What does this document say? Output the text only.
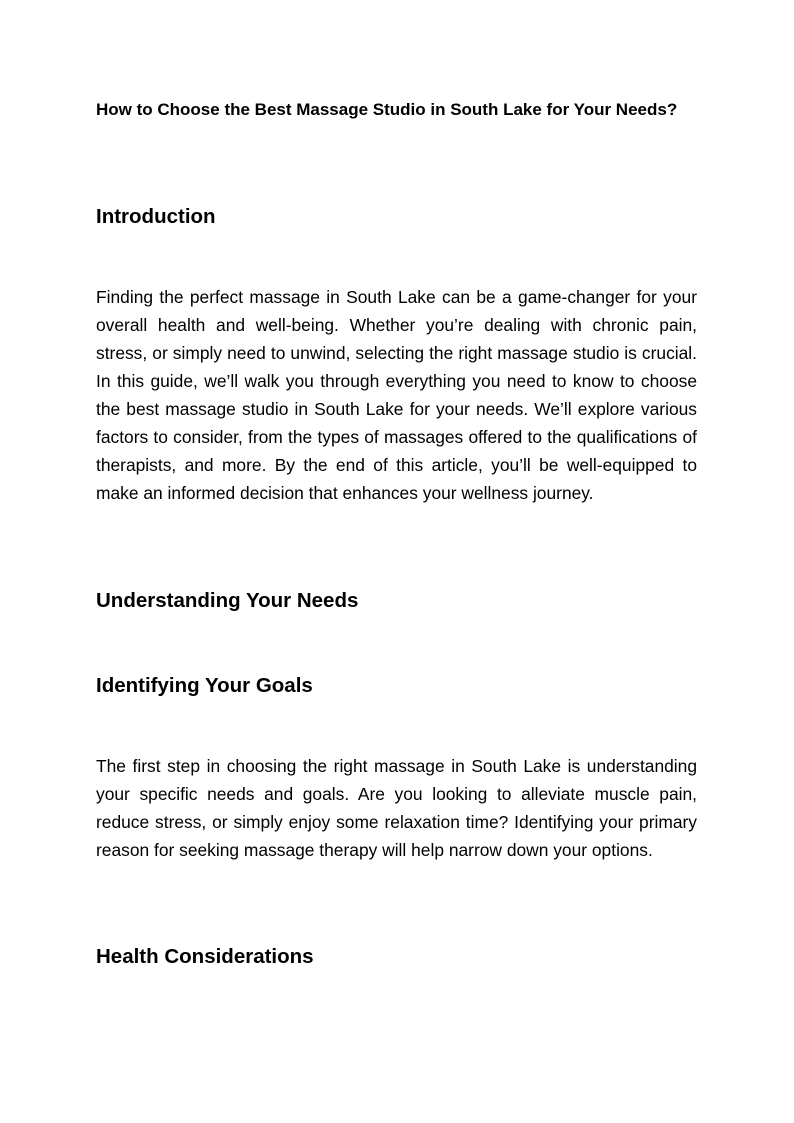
How to Choose the Best Massage Studio in South Lake for Your Needs?

Introduction

Finding the perfect massage in South Lake can be a game-changer for your overall health and well-being. Whether you’re dealing with chronic pain, stress, or simply need to unwind, selecting the right massage studio is crucial. In this guide, we’ll walk you through everything you need to know to choose the best massage studio in South Lake for your needs. We’ll explore various factors to consider, from the types of massages offered to the qualifications of therapists, and more. By the end of this article, you’ll be well-equipped to make an informed decision that enhances your wellness journey.

Understanding Your Needs
Identifying Your Goals

The first step in choosing the right massage in South Lake is understanding your specific needs and goals. Are you looking to alleviate muscle pain, reduce stress, or simply enjoy some relaxation time? Identifying your primary reason for seeking massage therapy will help narrow down your options.

Health Considerations
